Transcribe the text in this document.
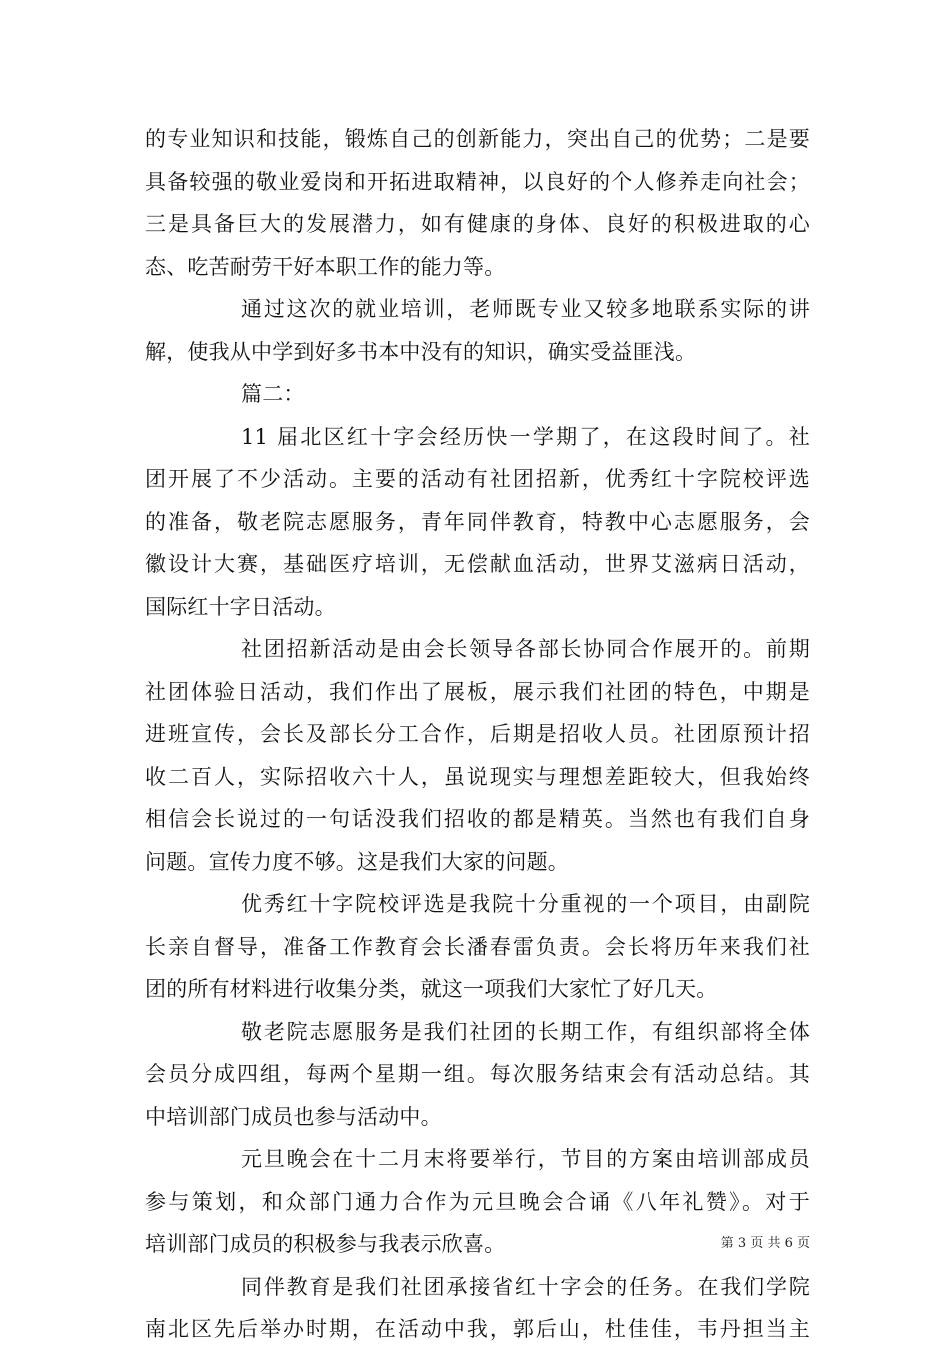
的专业知识和技能，锻炼自己的创新能力，突出自己的优势；二是要
具备较强的敬业爱岗和开拓进取精神，以良好的个人修养走向社会；
三是具备巨大的发展潜力，如有健康的身体、良好的积极进取的心
态、吃苦耐劳干好本职工作的能力等。
通过这次的就业培训，老师既专业又较多地联系实际的讲
解，使我从中学到好多书本中没有的知识，确实受益匪浅。
篇二：
11 届北区红十字会经历快一学期了，在这段时间了。社
团开展了不少活动。主要的活动有社团招新，优秀红十字院校评选
的准备，敬老院志愿服务，青年同伴教育，特教中心志愿服务，会
徽设计大赛，基础医疗培训，无偿献血活动，世界艾滋病日活动，
国际红十字日活动。
社团招新活动是由会长领导各部长协同合作展开的。前期
社团体验日活动，我们作出了展板，展示我们社团的特色，中期是
进班宣传，会长及部长分工合作，后期是招收人员。社团原预计招
收二百人，实际招收六十人，虽说现实与理想差距较大，但我始终
相信会长说过的一句话没我们招收的都是精英。当然也有我们自身
问题。宣传力度不够。这是我们大家的问题。
优秀红十字院校评选是我院十分重视的一个项目，由副院
长亲自督导，准备工作教育会长潘春雷负责。会长将历年来我们社
团的所有材料进行收集分类，就这一项我们大家忙了好几天。
敬老院志愿服务是我们社团的长期工作，有组织部将全体
会员分成四组，每两个星期一组。每次服务结束会有活动总结。其
中培训部门成员也参与活动中。
元旦晚会在十二月末将要举行，节目的方案由培训部成员
参与策划，和众部门通力合作为元旦晚会合诵《八年礼赞》。对于
培训部门成员的积极参与我表示欣喜。
同伴教育是我们社团承接省红十字会的任务。在我们学院
南北区先后举办时期，在活动中我，郭后山，杜佳佳，韦丹担当主
第 3 页 共 6 页
